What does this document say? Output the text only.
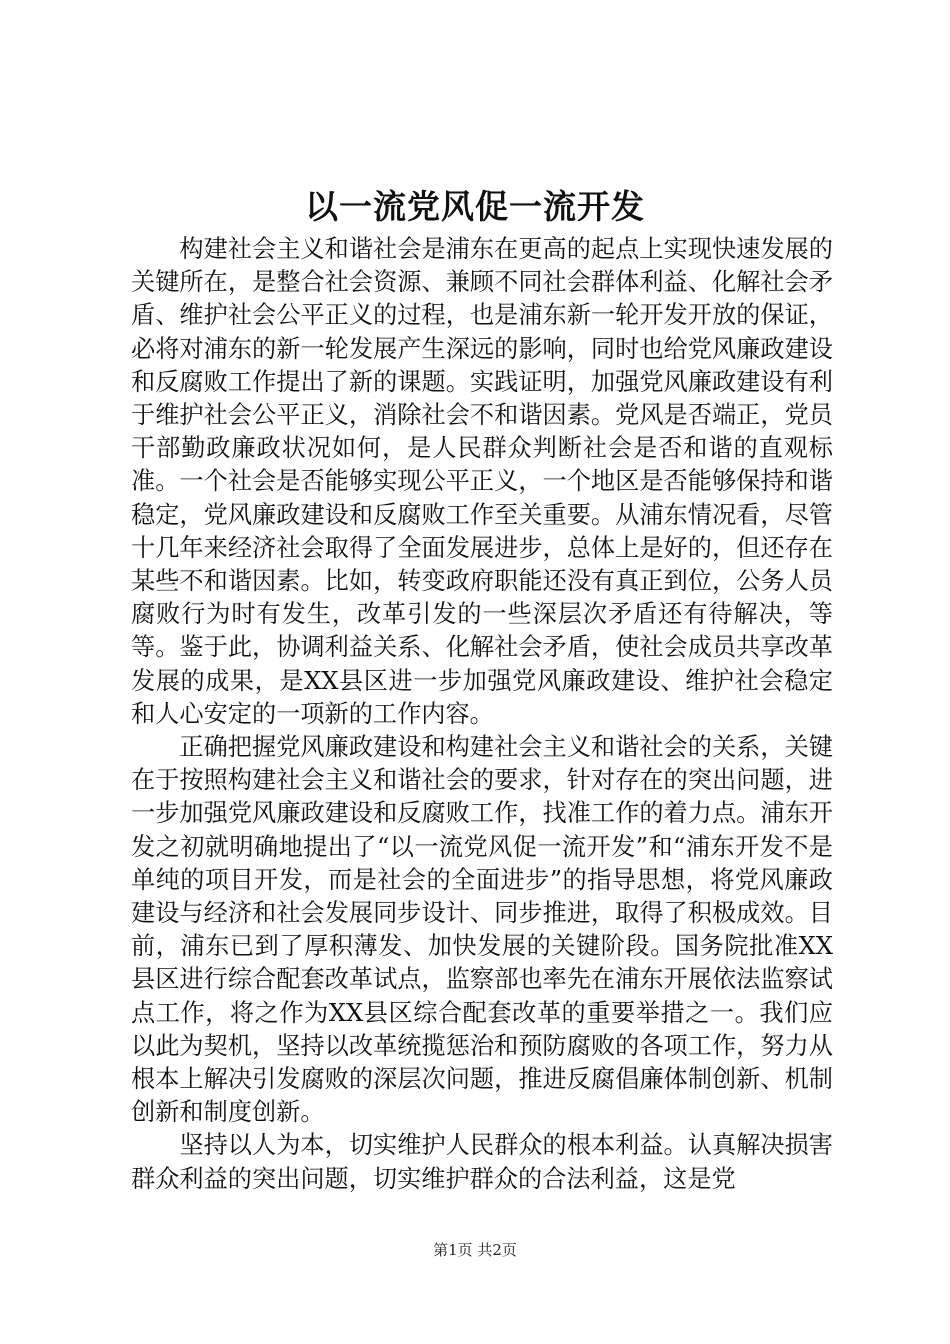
以一流党风促一流开发

构建社会主义和谐社会是浦东在更高的起点上实现快速发展的关键所在，是整合社会资源、兼顾不同社会群体利益、化解社会矛盾、维护社会公平正义的过程，也是浦东新一轮开发开放的保证，必将对浦东的新一轮发展产生深远的影响，同时也给党风廉政建设和反腐败工作提出了新的课题。实践证明，加强党风廉政建设有利于维护社会公平正义，消除社会不和谐因素。党风是否端正，党员干部勤政廉政状况如何，是人民群众判断社会是否和谐的直观标准。一个社会是否能够实现公平正义，一个地区是否能够保持和谐稳定，党风廉政建设和反腐败工作至关重要。从浦东情况看，尽管十几年来经济社会取得了全面发展进步，总体上是好的，但还存在某些不和谐因素。比如，转变政府职能还没有真正到位，公务人员腐败行为时有发生，改革引发的一些深层次矛盾还有待解决，等等。鉴于此，协调利益关系、化解社会矛盾，使社会成员共享改革发展的成果，是XX县区进一步加强党风廉政建设、维护社会稳定和人心安定的一项新的工作内容。

正确把握党风廉政建设和构建社会主义和谐社会的关系，关键在于按照构建社会主义和谐社会的要求，针对存在的突出问题，进一步加强党风廉政建设和反腐败工作，找准工作的着力点。浦东开发之初就明确地提出了“以一流党风促一流开发”和“浦东开发不是单纯的项目开发，而是社会的全面进步”的指导思想，将党风廉政建设与经济和社会发展同步设计、同步推进，取得了积极成效。目前，浦东已到了厚积薄发、加快发展的关键阶段。国务院批准XX县区进行综合配套改革试点，监察部也率先在浦东开展依法监察试点工作，将之作为XX县区综合配套改革的重要举措之一。我们应以此为契机，坚持以改革统揽惩治和预防腐败的各项工作，努力从根本上解决引发腐败的深层次问题，推进反腐倡廉体制创新、机制创新和制度创新。

坚持以人为本，切实维护人民群众的根本利益。认真解决损害群众利益的突出问题，切实维护群众的合法利益，这是党

第1页 共2页
